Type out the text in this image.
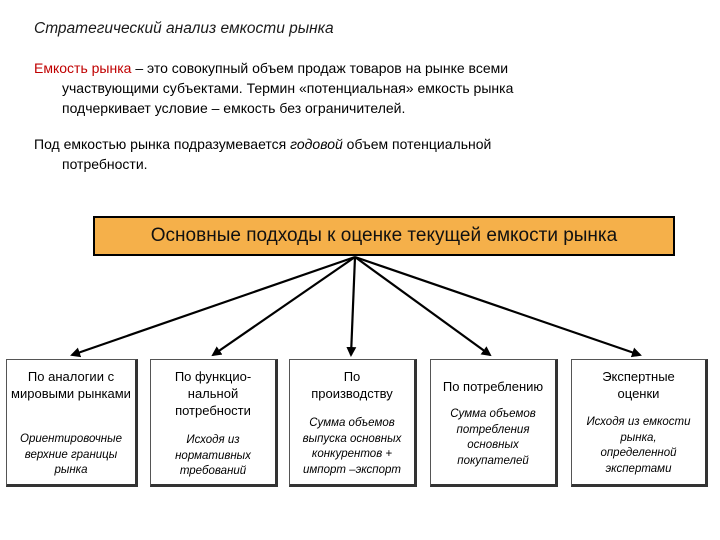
Стратегический анализ емкости рынка
Емкость рынка – это совокупный объем продаж товаров на рынке всеми
участвующими субъектами. Термин «потенциальная» емкость рынка
подчеркивает условие – емкость без ограничителей.
Под емкостью рынка подразумевается годовой объем потенциальной
потребности.
Основные подходы к оценке текущей емкости рынка
По аналогии с мировыми рынками
Ориентировочные верхние границы рынка
По функцио-нальной потребности
Исходя из нормативных требований
По производству
Сумма объемов выпуска основных конкурентов + импорт –экспорт
По потреблению
Сумма объемов потребления основных покупателей
Экспертные оценки
Исходя из емкости рынка, определенной экспертами
